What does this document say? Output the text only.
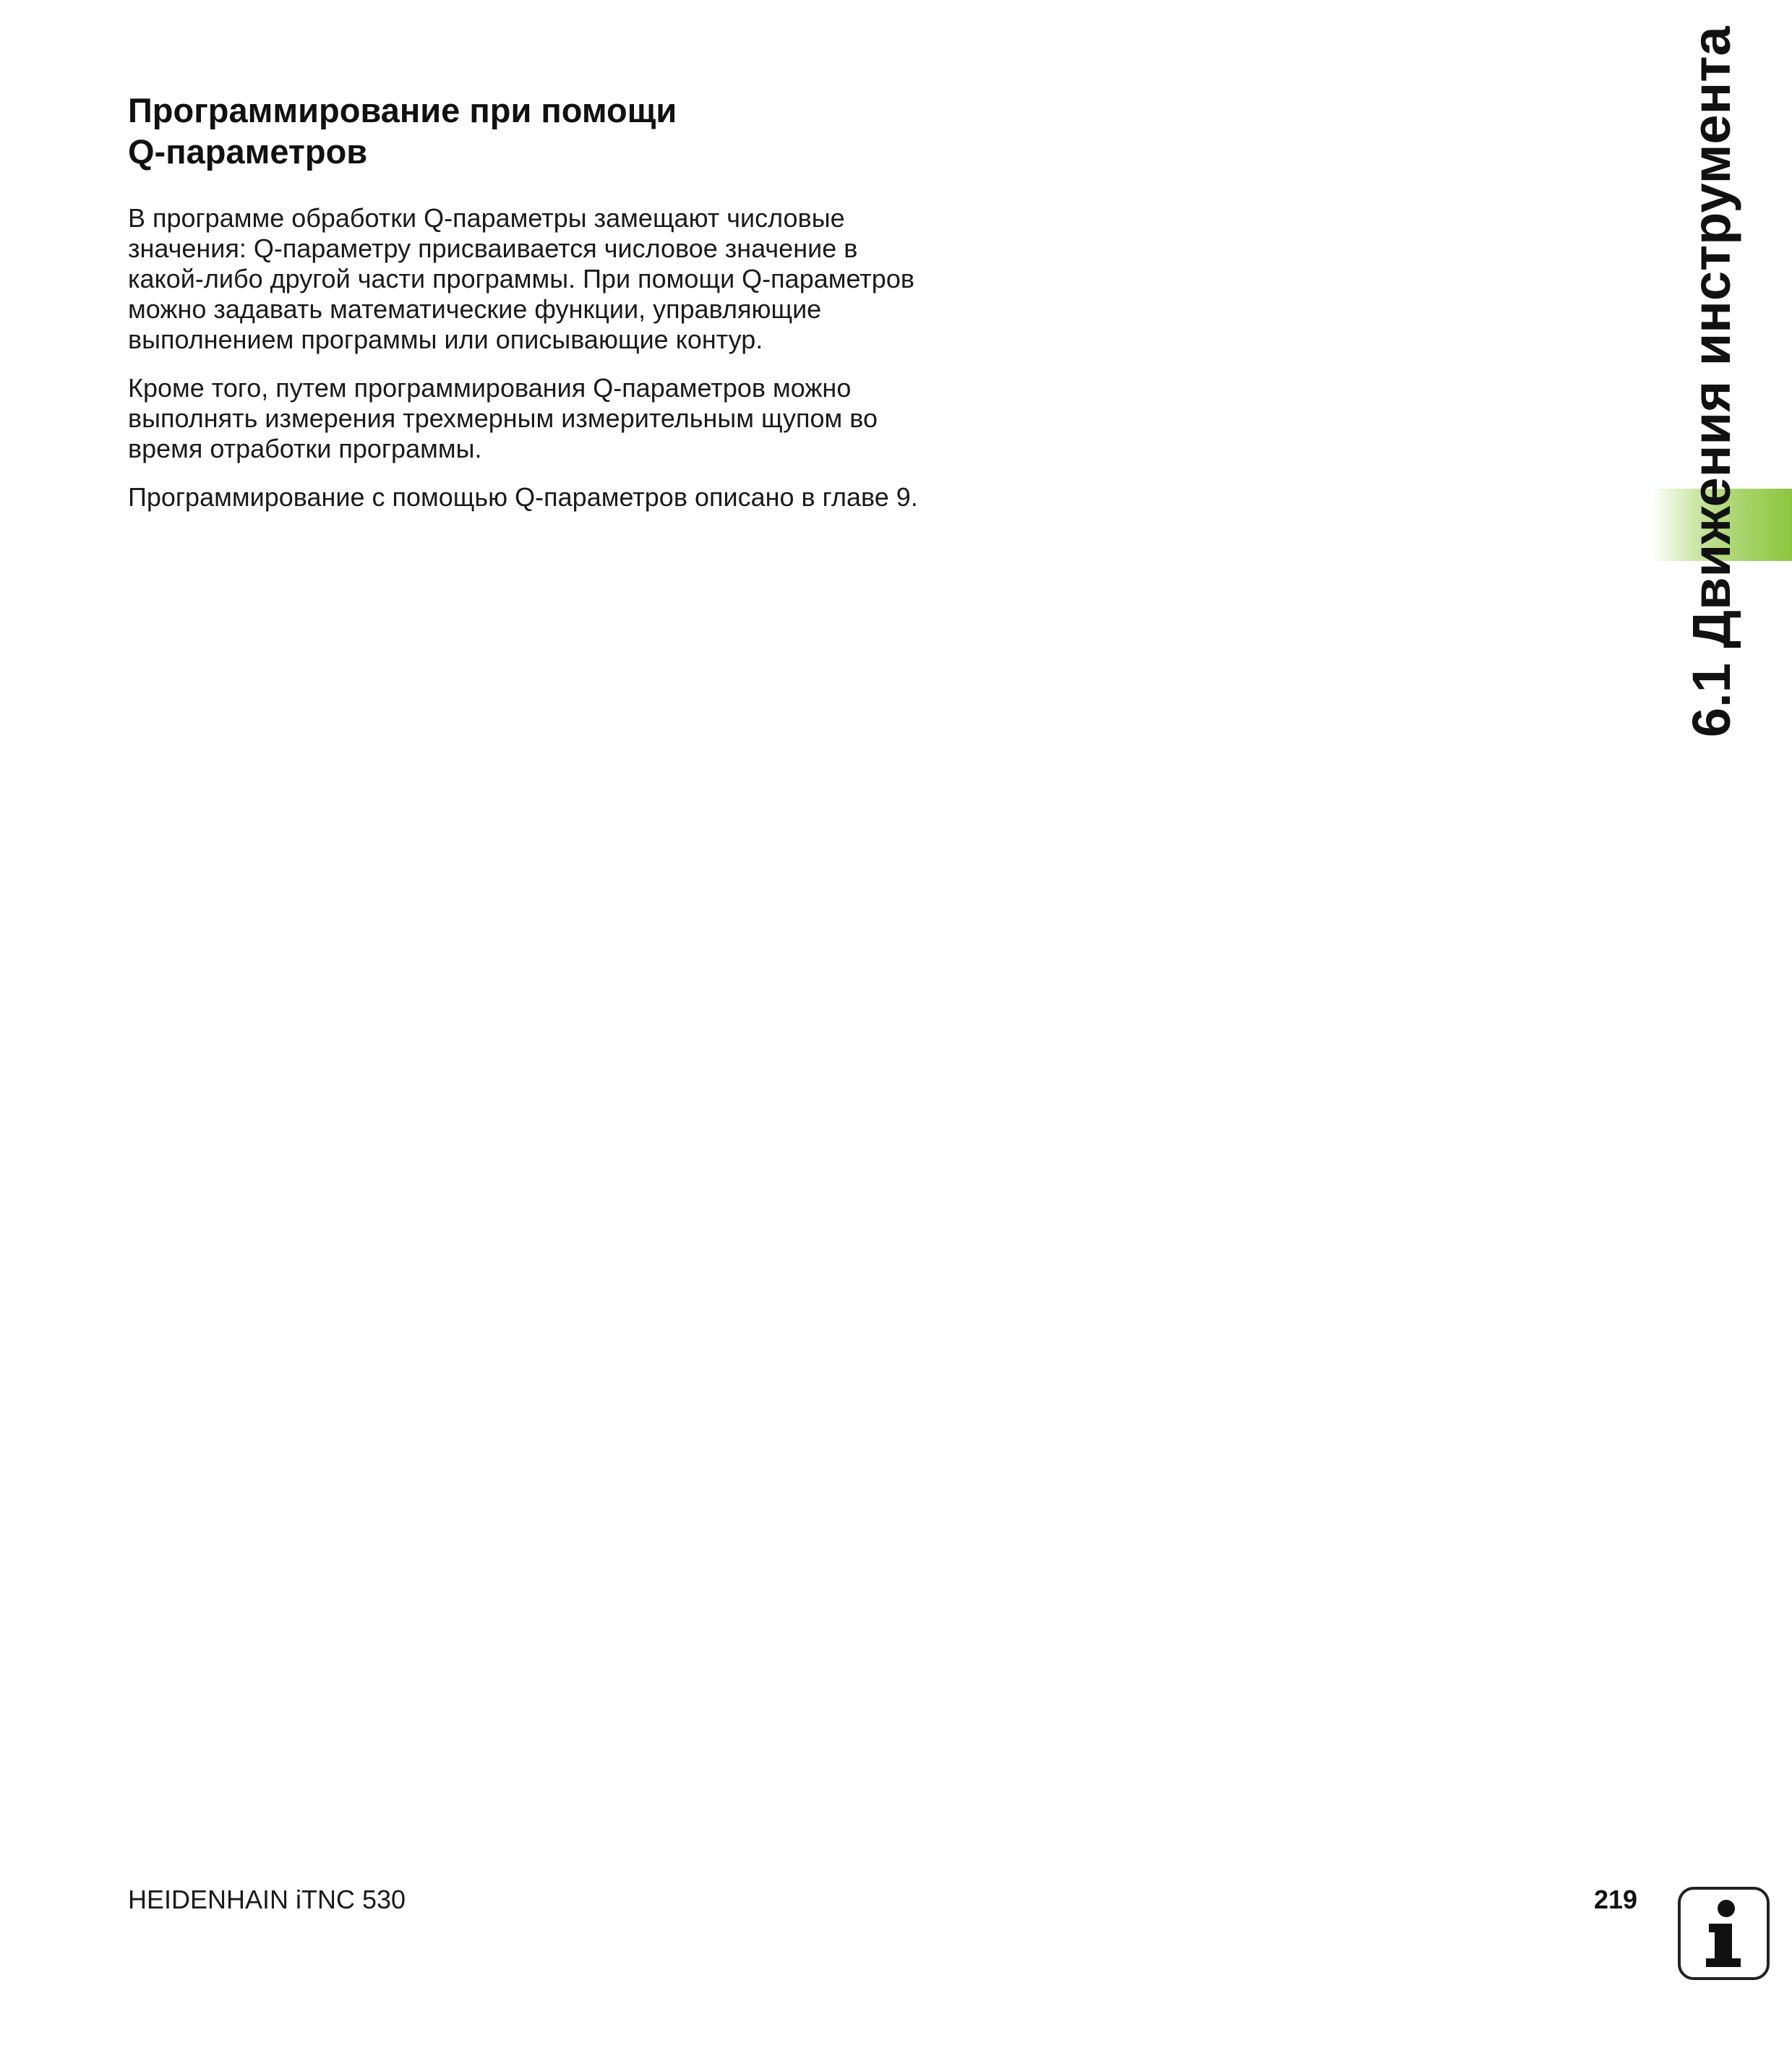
Программирование при помощи
Q-параметров

В программе обработки Q-параметры замещают числовые
значения: Q-параметру присваивается числовое значение в
какой-либо другой части программы. При помощи Q-параметров
можно задавать математические функции, управляющие
выполнением программы или описывающие контур.

Кроме того, путем программирования Q-параметров можно
выполнять измерения трехмерным измерительным щупом во
время отработки программы.

Программирование с помощью Q-параметров описано в главе 9.	6.1 Движения инструмента
HEIDENHAIN iTNC 530	219
